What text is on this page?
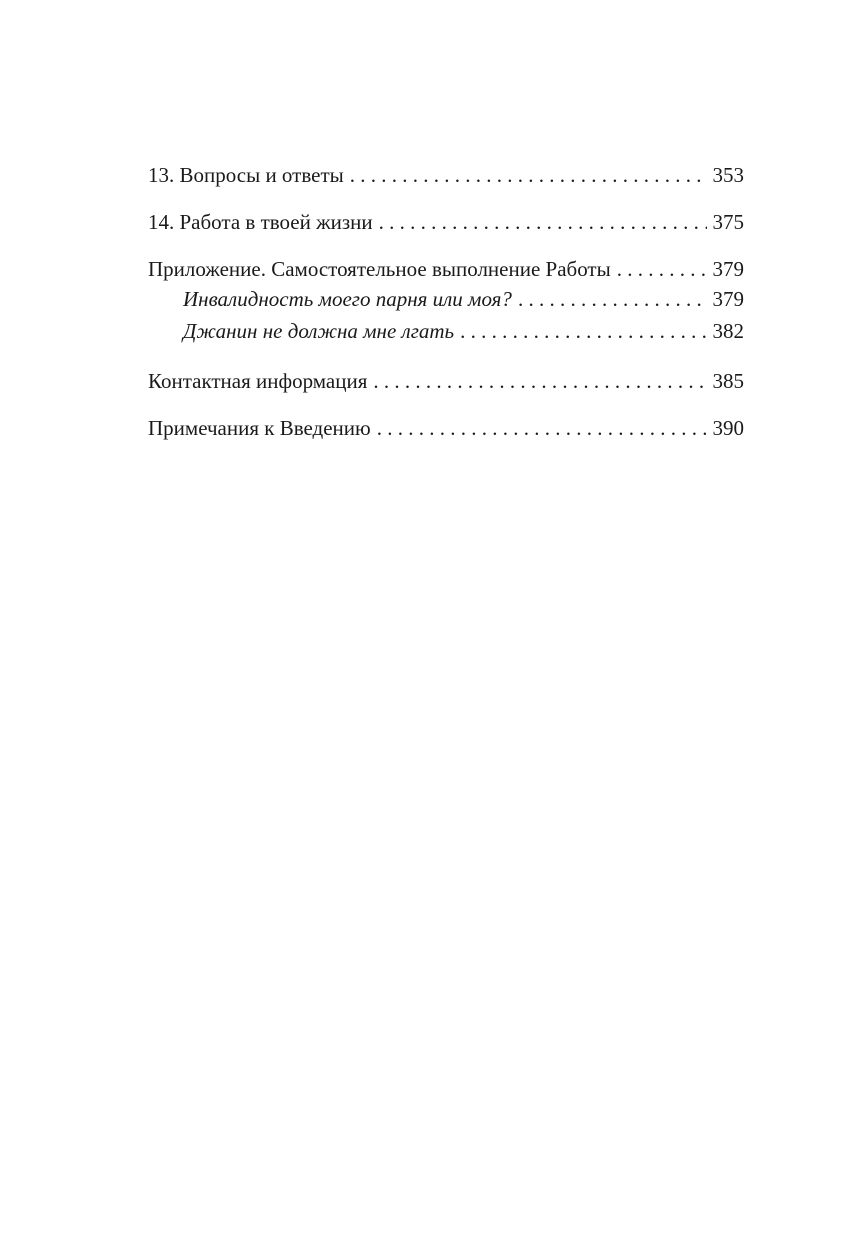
13. Вопросы и ответы . . .	353
14. Работа в твоей жизни . . .	375
Приложение. Самостоятельное выполнение Работы . . .	379
Инвалидность моего парня или моя? . . .	379
Джанин не должна мне лгать . . .	382
Контактная информация . . .	385
Примечания к Введению . . .	390
